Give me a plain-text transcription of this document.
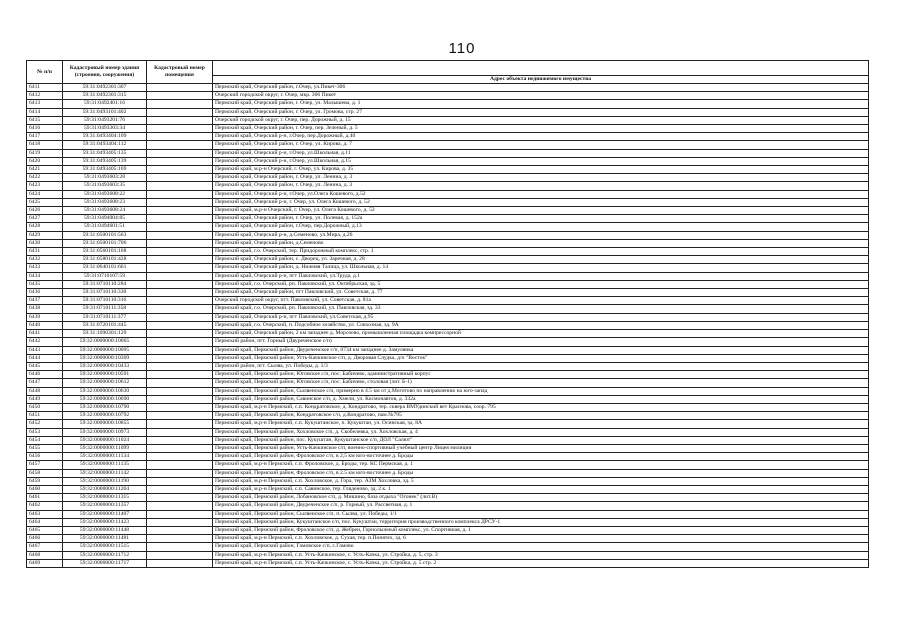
110
№ п/п	Кадастровый номер здания (строения, сооружения)	Кадастровый номер помещения	
			Адрес объекта недвижимого имущества
6411	59:31:0492301:307		Пермский край, Очерский район, г.Очер, ул.Пикет-306
6412	59:31:0492301:315		Очерский городской округ, г. Очер, мкр. 306 Пикет
6413	59:31:0492401:16		Пермский край, Очерский район, г. Очер, ул. Малышева, д. 1
6414	59:31:0493101:402		Пермский край, Очерский район, г. Очер, ул. Громова, стр. 27
6415	59:31:0493201:76		Очерский городской округ, г. Очер, пер. Дорожный, д. 15
6416	59:31:0493303:34		Пермский край, Очерский район, г. Очер, пер. Зеленый, д. 5
6417	59:31:0493404:109		Пермский край, Очерский р-н, г.Очер, пер.Дорожный, д.40
6418	59:31:0493404:112		Пермский край, Очерский район, г. Очер, ул. Кирова, д. 7
6419	59:31:0493405:135		Пермский край, Очерский р-н, г.Очер, ул.Школьная, д.11
6420	59:31:0493405:139		Пермский край, Очерский р-н, г.Очер, ул.Школьная, д.15
6421	59:31:0493405:169		Пермский край, м.р-н Очерский, г. Очер, ул. Кирова, д. 35
6422	59:31:0493603:28		Пермский край, Очерский район, г. Очер, ул. Ленина, д. 3
6423	59:31:0493603:35		Пермский край, Очерский район, г. Очер, ул. Ленина, д. 3
6424	59:31:0493608:22		Пермский край, Очерский р-н, г.Очер, ул.Олега Кошевого, д.52
6425	59:31:0493608:23		Пермский край, Очерский р-н, г. Очер, ул. Олега Кошевого, д. 52
6426	59:31:0493608:24		Пермский край, м.р-н Очерский, г. Очер, ул. Олега Кошевого, д. 52
6427	59:31:0494004:85		Пермский край, Очерский район, г. Очер, ул. Полевая, д. 152а
6428	59:31:0494601:51		Пермский край, Очерский район, г.Очер, пер.Дорожный, д.13
6429	59:31:0500101:563		Пермский край, Очерский р-н, д.Семеново, ул.Мира, д.26
6430	59:31:0500101:706		Пермский край, Очерский район, д.Семеново
6431	59:31:0560101:168		Пермский край, г.о. Очерский, тер. Придорожный комплекс, стр. 1
6432	59:31:0580101:428		Пермский край, Очерский район, с. Дворец, ул. Заречная, д. 28
6433	59:31:0640101:661		Пермский край, Очерский район, д. Нижняя Талица, ул. Школьная, д. 14
6434	59:31:0710107:59		Пермский край, Очерский р-н, пгт Павловский, ул.Труда, д.1
6435	59:31:0710110:284		Пермский край, г.о. Очерский, рп. Павловский, ул. Октябрьская, зд. 5
6436	59:31:0710110:330		Пермский край, Очерский район, пгт Павловский, ул. Советская, д. 77
6437	59:31:0710110:316		Очерский городской округ, пгт. Павловский, ул. Советская, д. 81а
6438	59:31:0710111:358		Пермский край, г.о. Очерский, рп. Павловский, ул. Павловская, зд. 33
6439	59:31:0710111:377		Пермский край, Очерский р-н, пгт Павловский, ул.Советская, д.95
6440	59:31:0720101:445		Пермский край, г.о. Очерский, п. Подсобное хозяйство, ул. Совхозная, зд. 9А
6441	59:31:1090301:120		Пермский край, Очерский район, 2 км западнее д. Морозово, промышленная площадка компрессорной
6442	59:32:0000000:10065		Пермский район, пгт. Горный (Двуреченское с/п)
6443	59:32:0000000:10095		Пермский край, Пермский район, Двуреченское с/п, 0734 км западнее д. Замулянка
6444	59:32:0000000:10309		Пермский край, Пермский район, Усть-Качкинское с/п, д. Дворовая Слудка, д/п "Восток"
6445	59:32:0000000:10433		Пермский район, пгт. Сылва, ул. Победы, д. 1/3
6446	59:32:0000000:10591		Пермский край, Пермский район, Юговское с/п, пос. Бабичево, административный корпус
6447	59:32:0000000:10612		Пермский край, Пермский район, Юговское с/п, пос. Бабичево, столовая (лит. Б-1)
6448	59:32:0000000:10630		Пермский край, Пермский район, Сылвенское с/п, примерно в 4.5 км от д.Моготово по направлению на юго-запад
6449	59:32:0000000:10690		Пермский край, Пермский район, Савинское с/п, д. Хмели, ул. Космонавтов, д. 332а
6450	59:32:0000000:10790		Пермский край, м.р-н Пермский, с.п. Кондратовское, д. Кондратово, тер. сквера ВМУдинский вет Краснова, соор. 795
6451	59:32:0000000:10792		Пермский край, Пермский район, Кондратовское с/п, д.Кондратово, пам.№795
6452	59:32:0000000:10855		Пермский край, м.р-н Пермский, с.п. Кукуштанское, п. Кукуштан, ул. Осинская, зд. 8А
6453	59:32:0000000:10973		Пермский край, Пермский район, Хохловское с/п, д. Скобелевка, ул. Хохловская, д. 4
6454	59:32:0000000:11024		Пермский край, Пермский район, пос. Кукуштан, Кукуштанское с/п, ДОЛ "Салют"
6455	59:32:0000000:11099		Пермский край, Пермский район, Усть-Качкинское с/п, военно-спортивный учебный центр Лицея милиции
6456	59:32:0000000:11134		Пермский край, Пермский район, Фроловское с/п, в 2,5 км юго-восточнее д. Броды
6457	59:32:0000000:11135		Пермский край, м.р-н Пермский, с.п. Фроловское, д. Броды, тер. КС Пермская, д. 1
6458	59:32:0000000:11142		Пермский край, Пермский район, Фроловское с/п, в 2.5 км юго-восточнее д. Броды
6459	59:32:0000000:11190		Пермский край, м.р-н Пермский, с.п. Хохловское, д. Гора, тер. АЗМ Хохловка, зд. 5
6460	59:32:0000000:11204		Пермский край, м.р-н Пермский, с.п. Савинское, тер. Гляденово, зд. 2 к. 1
6461	59:32:0000000:11315		Пермский край, Пермский район, Лобановское с/п, д. Мишино, база отдыха "Огонек" (лит.В)
6462	59:32:0000000:11357		Пермский край, Пермский район, Двуреченское с/п, р. Горный, ул. Рассветная, д. 1
6463	59:32:0000000:11407		Пермский край, Пермский район, Сылвенское с/п, п. Сылва, ул. Победы, 1/1
6464	59:32:0000000:11423		Пермский край, Пермский район, Кукуштанское с/п, пос. Кукуштан, территория производственного комплекса ДРСУ-1
6465	59:32:0000000:11448		Пермский край, Пермский район, Фроловское с/п, д. Жебреи, Горнолыжный комплекс, ул. Спортивная, д. 1
6466	59:32:0000000:11481		Пермский край, м.р-н Пермский, с.п. Хохловское, д. Сухая, тер. п.Понятех, зд. 6
6467	59:32:0000000:11515		Пермский край, Пермский район, Гамовское с/п, с.Гамово
6468	59:32:0000000:11712		Пермский край, м.р-н Пермский, с.п. Усть-Качкинское, с. Усть-Качка, ул. Стройка, д. 5, стр. 3
6469	59:32:0000000:11717		Пермский край, м.р-н Пермский, с.п. Усть-Качкинское, с. Усть-Качка, ул. Стройка, д. 5 стр. 2
